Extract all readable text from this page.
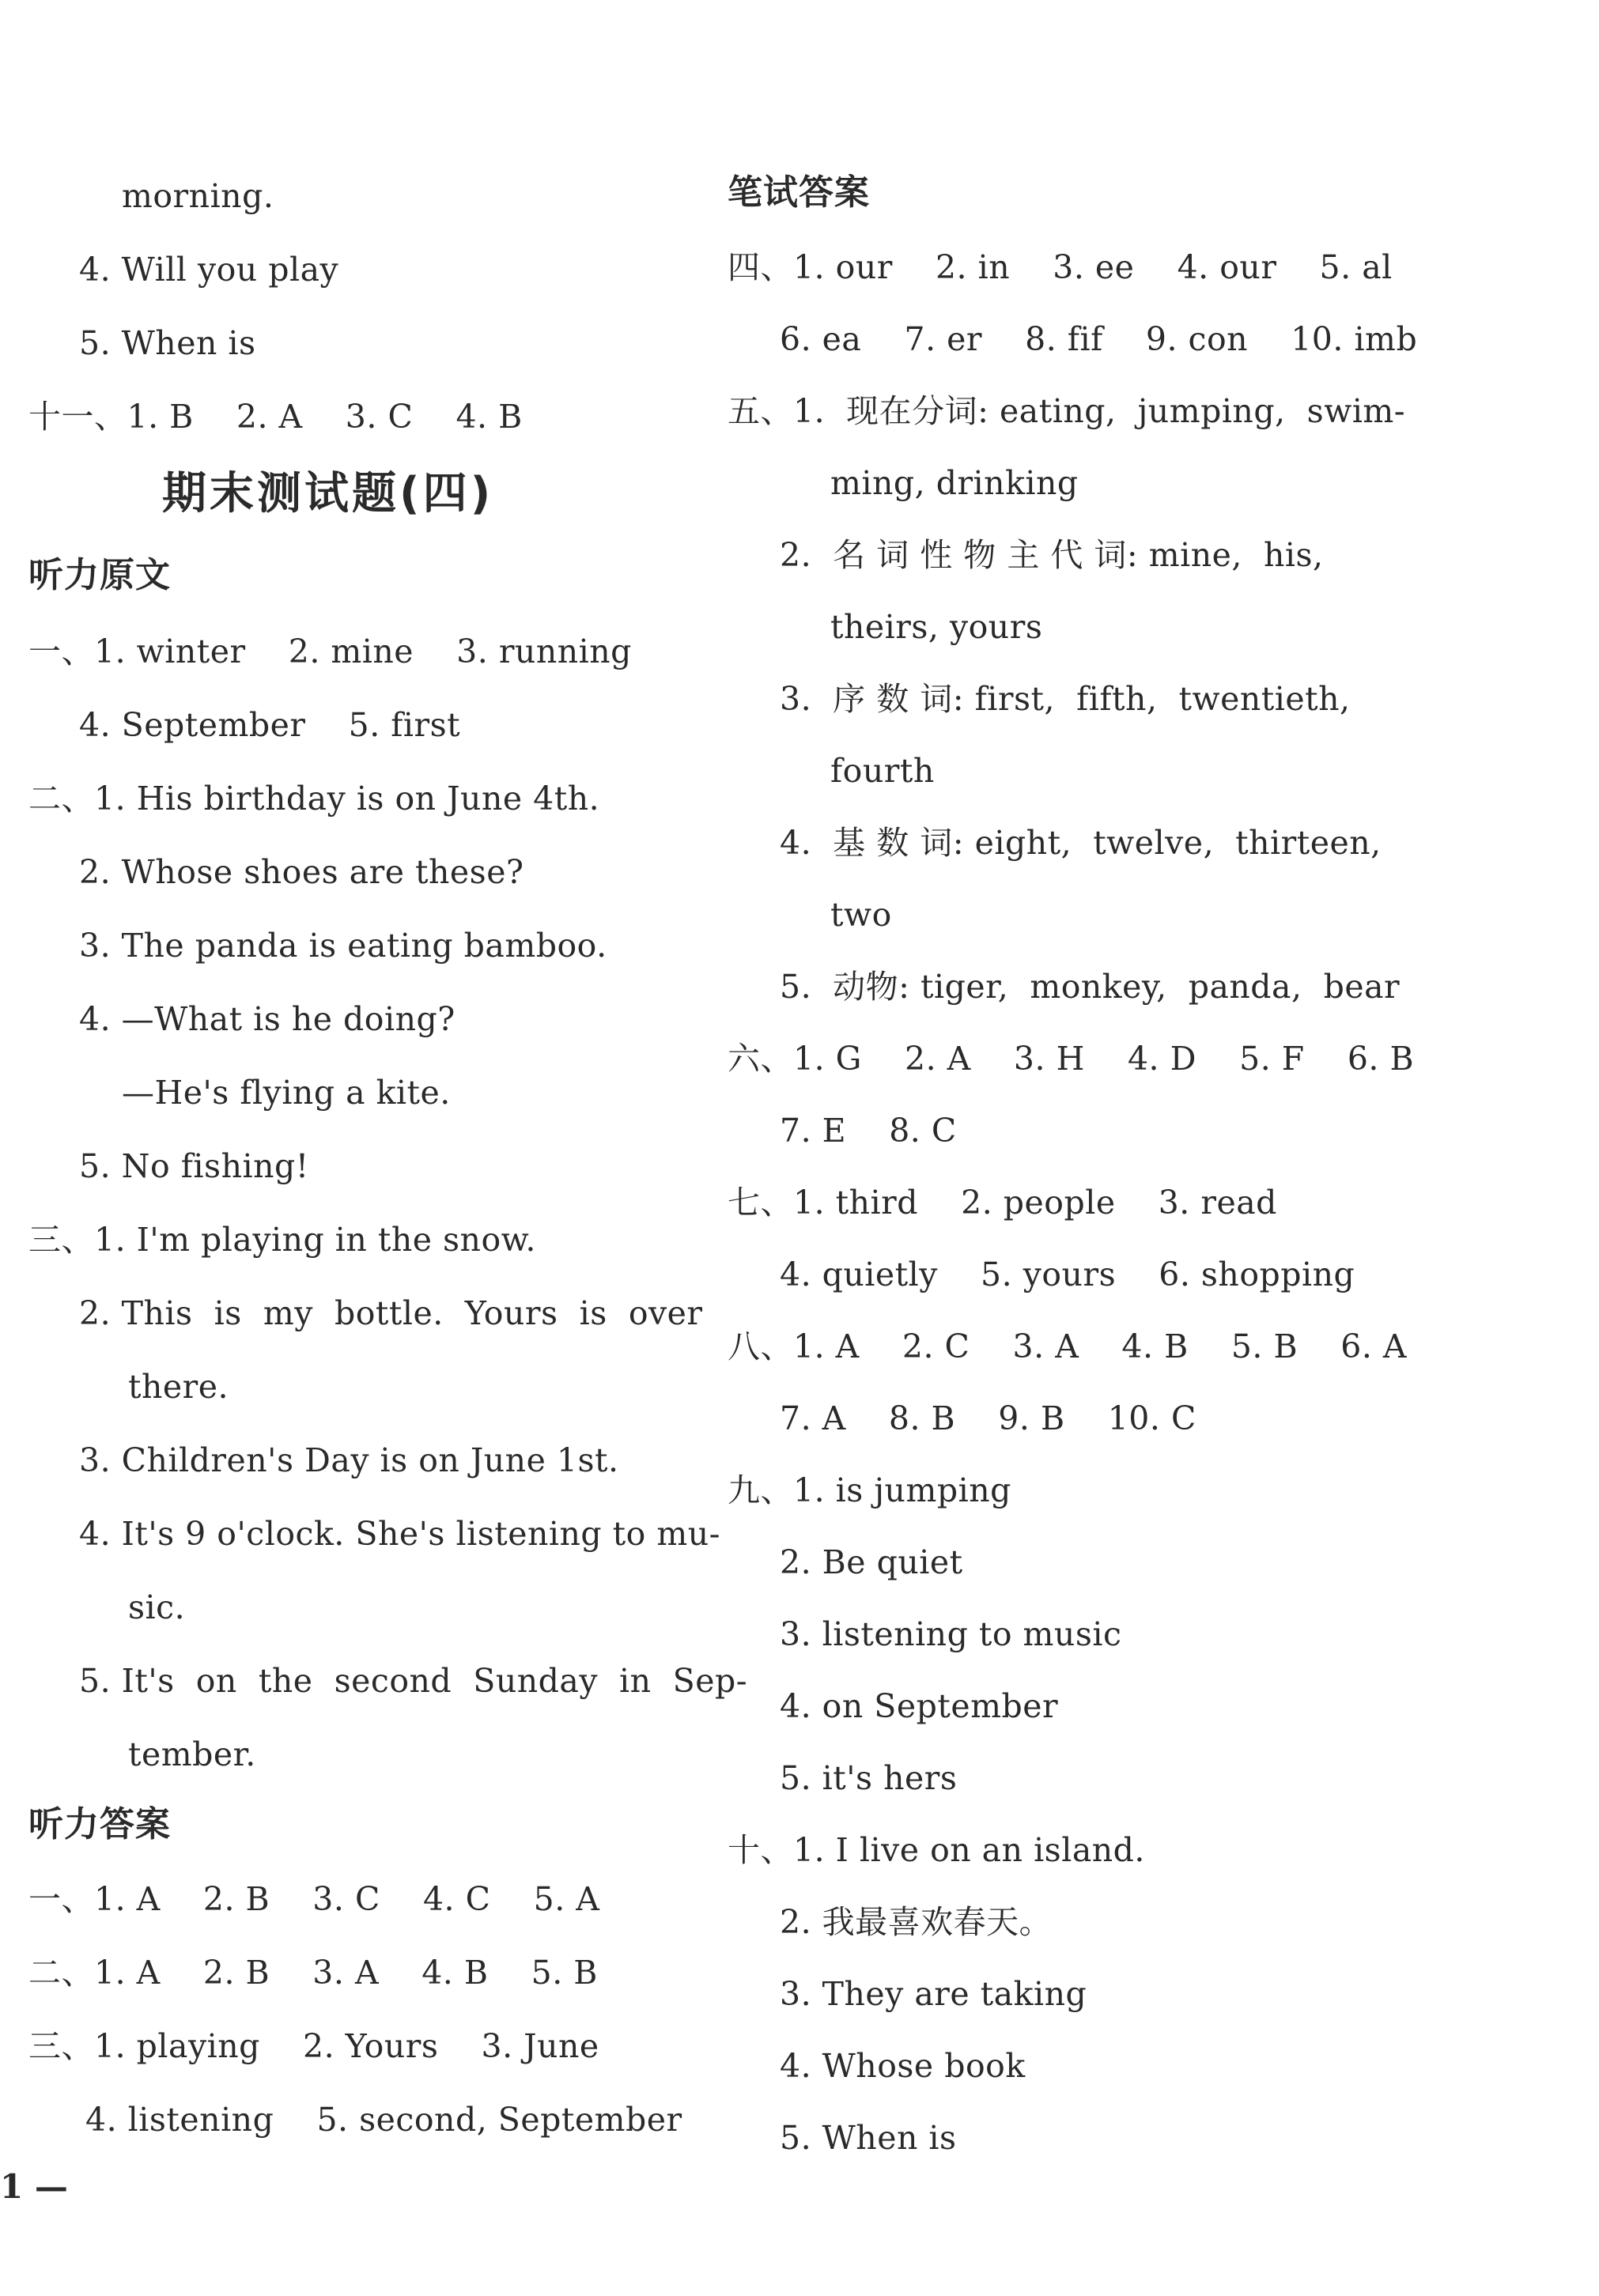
morning.
4. Will you play
5. When is
十一、1. B    2. A    3. C    4. B
期末测试题(四)
听力原文
一、1. winter    2. mine    3. running
4. September    5. first
二、1. His birthday is on June 4th.
2. Whose shoes are these?
3. The panda is eating bamboo.
4. —What is he doing?
—He's flying a kite.
5. No fishing!
三、1. I'm playing in the snow.
2. This  is  my  bottle.  Yours  is  over
there.
3. Children's Day is on June 1st.
4. It's 9 o'clock. She's listening to mu-
sic.
5. It's  on  the  second  Sunday  in  Sep-
tember.
听力答案
一、1. A    2. B    3. C    4. C    5. A
二、1. A    2. B    3. A    4. B    5. B
三、1. playing    2. Yours    3. June
4. listening    5. second, September
1 —
笔试答案
四、1. our    2. in    3. ee    4. our    5. al
6. ea    7. er    8. fif    9. con    10. imb
五、1.  现在分词: eating,  jumping,  swim-
ming, drinking
2.  名 词 性 物 主 代 词: mine,  his,
theirs, yours
3.  序 数 词: first,  fifth,  twentieth,
fourth
4.  基 数 词: eight,  twelve,  thirteen,
two
5.  动物: tiger,  monkey,  panda,  bear
六、1. G    2. A    3. H    4. D    5. F    6. B
7. E    8. C
七、1. third    2. people    3. read
4. quietly    5. yours    6. shopping
八、1. A    2. C    3. A    4. B    5. B    6. A
7. A    8. B    9. B    10. C
九、1. is jumping
2. Be quiet
3. listening to music
4. on September
5. it's hers
十、1. I live on an island.
2. 我最喜欢春天。
3. They are taking
4. Whose book
5. When is
